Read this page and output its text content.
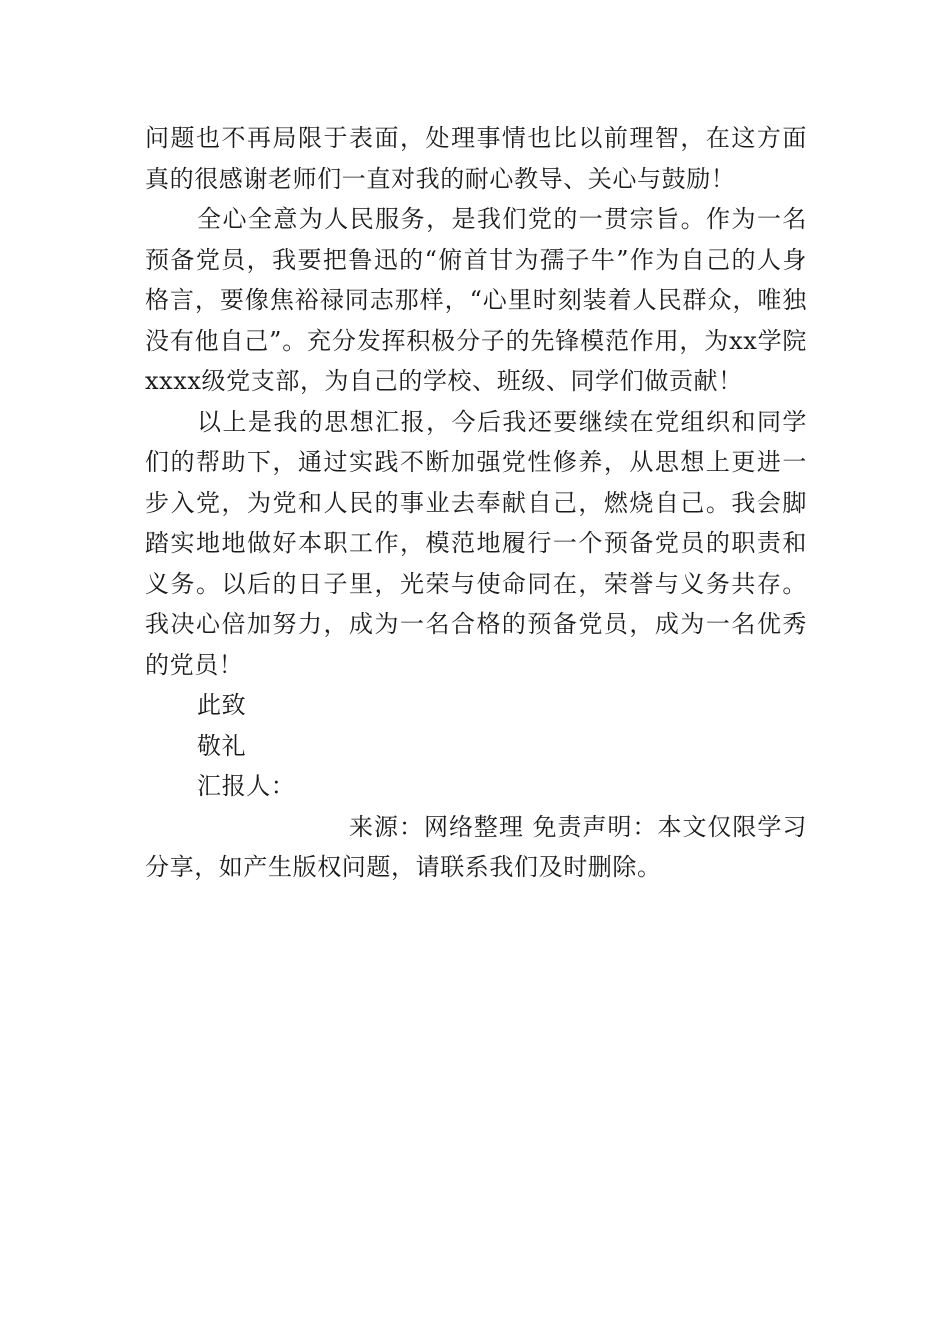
问题也不再局限于表面，处理事情也比以前理智，在这方面真的很感谢老师们一直对我的耐心教导、关心与鼓励！

全心全意为人民服务，是我们党的一贯宗旨。作为一名预备党员，我要把鲁迅的“俯首甘为孺子牛”作为自己的人身格言，要像焦裕禄同志那样，“心里时刻装着人民群众，唯独没有他自己”。充分发挥积极分子的先锋模范作用，为xx学院xxxx级党支部，为自己的学校、班级、同学们做贡献！

以上是我的思想汇报，今后我还要继续在党组织和同学们的帮助下，通过实践不断加强党性修养，从思想上更进一步入党，为党和人民的事业去奉献自己，燃烧自己。我会脚踏实地地做好本职工作，模范地履行一个预备党员的职责和义务。以后的日子里，光荣与使命同在，荣誉与义务共存。我决心倍加努力，成为一名合格的预备党员，成为一名优秀的党员！

此致

敬礼

汇报人：

来源：网络整理 免责声明：本文仅限学习分享，如产生版权问题，请联系我们及时删除。
